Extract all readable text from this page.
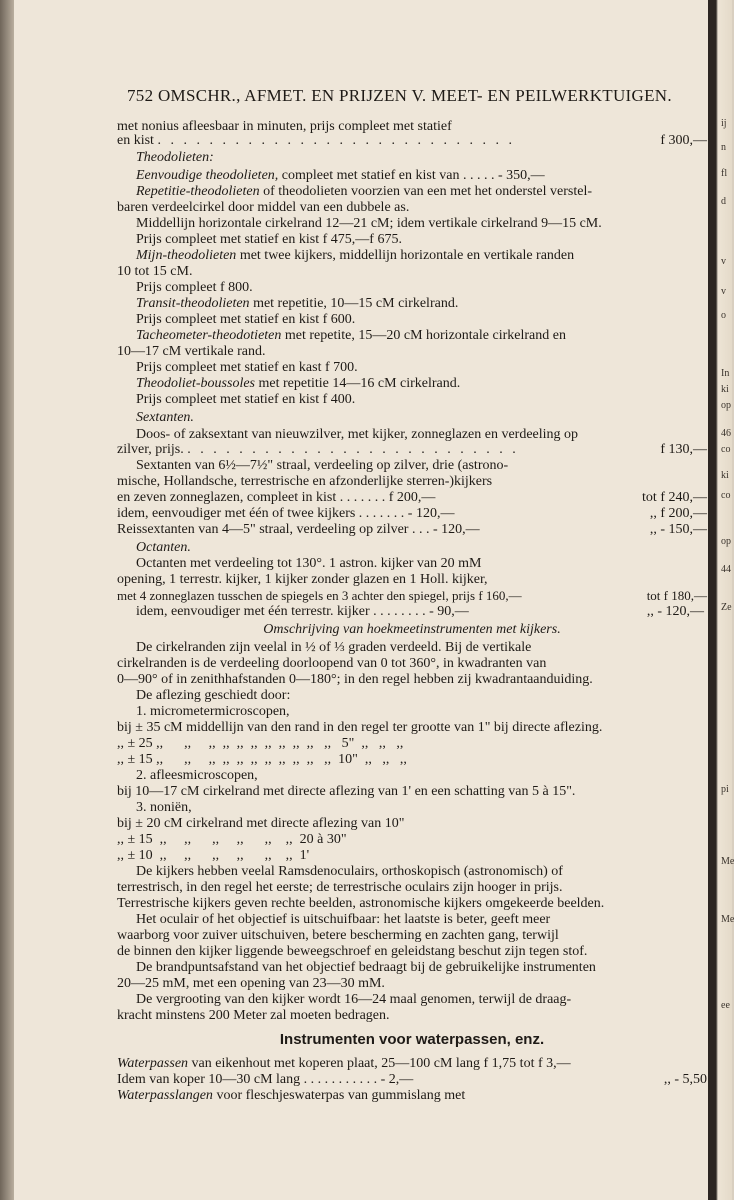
ij
n
fl
d
v
v
o
In
ki
op
46
co
ki
co
op
44
Ze
pi
Me
Me
ee
752 OMSCHR., AFMET. EN PRIJZEN V. MEET- EN PEILWERKTUIGEN.
met nonius afleesbaar in minuten, prijs compleet met statief
en kist . . . . . . . . . . . . . . . . . . . . . . . . . . . .	f 300,—
Theodolieten:
Eenvoudige theodolieten, compleet met statief en kist van . . . . . - 350,—
Repetitie-theodolieten of theodolieten voorzien van een met het onderstel verstel-
baren verdeelcirkel door middel van een dubbele as.
Middellijn horizontale cirkelrand 12—21 cM; idem vertikale cirkelrand 9—15 cM.
Prijs compleet met statief en kist f 475,—f 675.
Mijn-theodolieten met twee kijkers, middellijn horizontale en vertikale randen
10 tot 15 cM.
Prijs compleet f 800.
Transit-theodolieten met repetitie, 10—15 cM cirkelrand.
Prijs compleet met statief en kist f 600.
Tacheometer-theodotieten met repetite, 15—20 cM horizontale cirkelrand en
10—17 cM vertikale rand.
Prijs compleet met statief en kast f 700.
Theodoliet-boussoles met repetitie 14—16 cM cirkelrand.
Prijs compleet met statief en kist f 400.
Sextanten.
Doos- of zaksextant van nieuwzilver, met kijker, zonneglazen en verdeeling op
zilver, prijs. . . . . . . . . . . . . . . . . . . . . . . . . . .	f 130,—
Sextanten van 6½—7½" straal, verdeeling op zilver, drie (astrono-
mische, Hollandsche, terrestrische en afzonderlijke sterren-)kijkers
en zeven zonneglazen, compleet in kist . . . . . . . f 200,—	tot f 240,—
idem, eenvoudiger met één of twee kijkers . . . . . . . - 120,—	,, f 200,—
Reissextanten van 4—5" straal, verdeeling op zilver . . . - 120,—	,, - 150,—
Octanten.
Octanten met verdeeling tot 130°. 1 astron. kijker van 20 mM
opening, 1 terrestr. kijker, 1 kijker zonder glazen en 1 Holl. kijker,
met 4 zonneglazen tusschen de spiegels en 3 achter den spiegel, prijs f 160,—	tot f 180,—
idem, eenvoudiger met één terrestr. kijker . . . . . . . . - 90,—	,, - 120,—
Omschrijving van hoekmeetinstrumenten met kijkers.
De cirkelranden zijn veelal in ½ of ⅓ graden verdeeld. Bij de vertikale
cirkelranden is de verdeeling doorloopend van 0 tot 360°, in kwadranten van
0—90° of in zenithhafstanden 0—180°; in den regel hebben zij kwadrantaanduiding.
De aflezing geschiedt door:
1. micrometermicroscopen,
bij ± 35 cM middellijn van den rand in den regel ter grootte van 1" bij directe aflezing.
,, ± 25 ,,      ,,     ,,  ,,  ,,  ,,  ,,  ,,  ,,  ,,   ,,   5"  ,,   ,,   ,,
,, ± 15 ,,      ,,     ,,  ,,  ,,  ,,  ,,  ,,  ,,  ,,   ,,  10"  ,,   ,,   ,,
2. afleesmicroscopen,
bij 10—17 cM cirkelrand met directe aflezing van 1' en een schatting van 5 à 15".
3. noniën,
bij ± 20 cM cirkelrand met directe aflezing van 10"
,, ± 15  ,,     ,,      ,,     ,,      ,,    ,,  20 à 30"
,, ± 10  ,,     ,,      ,,     ,,      ,,    ,,  1'
De kijkers hebben veelal Ramsdenoculairs, orthoskopisch (astronomisch) of
terrestrisch, in den regel het eerste; de terrestrische oculairs zijn hooger in prijs.
Terrestrische kijkers geven rechte beelden, astronomische kijkers omgekeerde beelden.
Het oculair of het objectief is uitschuifbaar: het laatste is beter, geeft meer
waarborg voor zuiver uitschuiven, betere bescherming en zachten gang, terwijl
de binnen den kijker liggende beweegschroef en geleidstang beschut zijn tegen stof.
De brandpuntsafstand van het objectief bedraagt bij de gebruikelijke instrumenten
20—25 mM, met een opening van 23—30 mM.
De vergrooting van den kijker wordt 16—24 maal genomen, terwijl de draag-
kracht minstens 200 Meter zal moeten bedragen.
Instrumenten voor waterpassen, enz.
Waterpassen van eikenhout met koperen plaat, 25—100 cM lang f 1,75 tot f 3,—
Idem van koper 10—30 cM lang . . . . . . . . . . . - 2,—	,, - 5,50
Waterpasslangen voor fleschjeswaterpas van gummislang met
